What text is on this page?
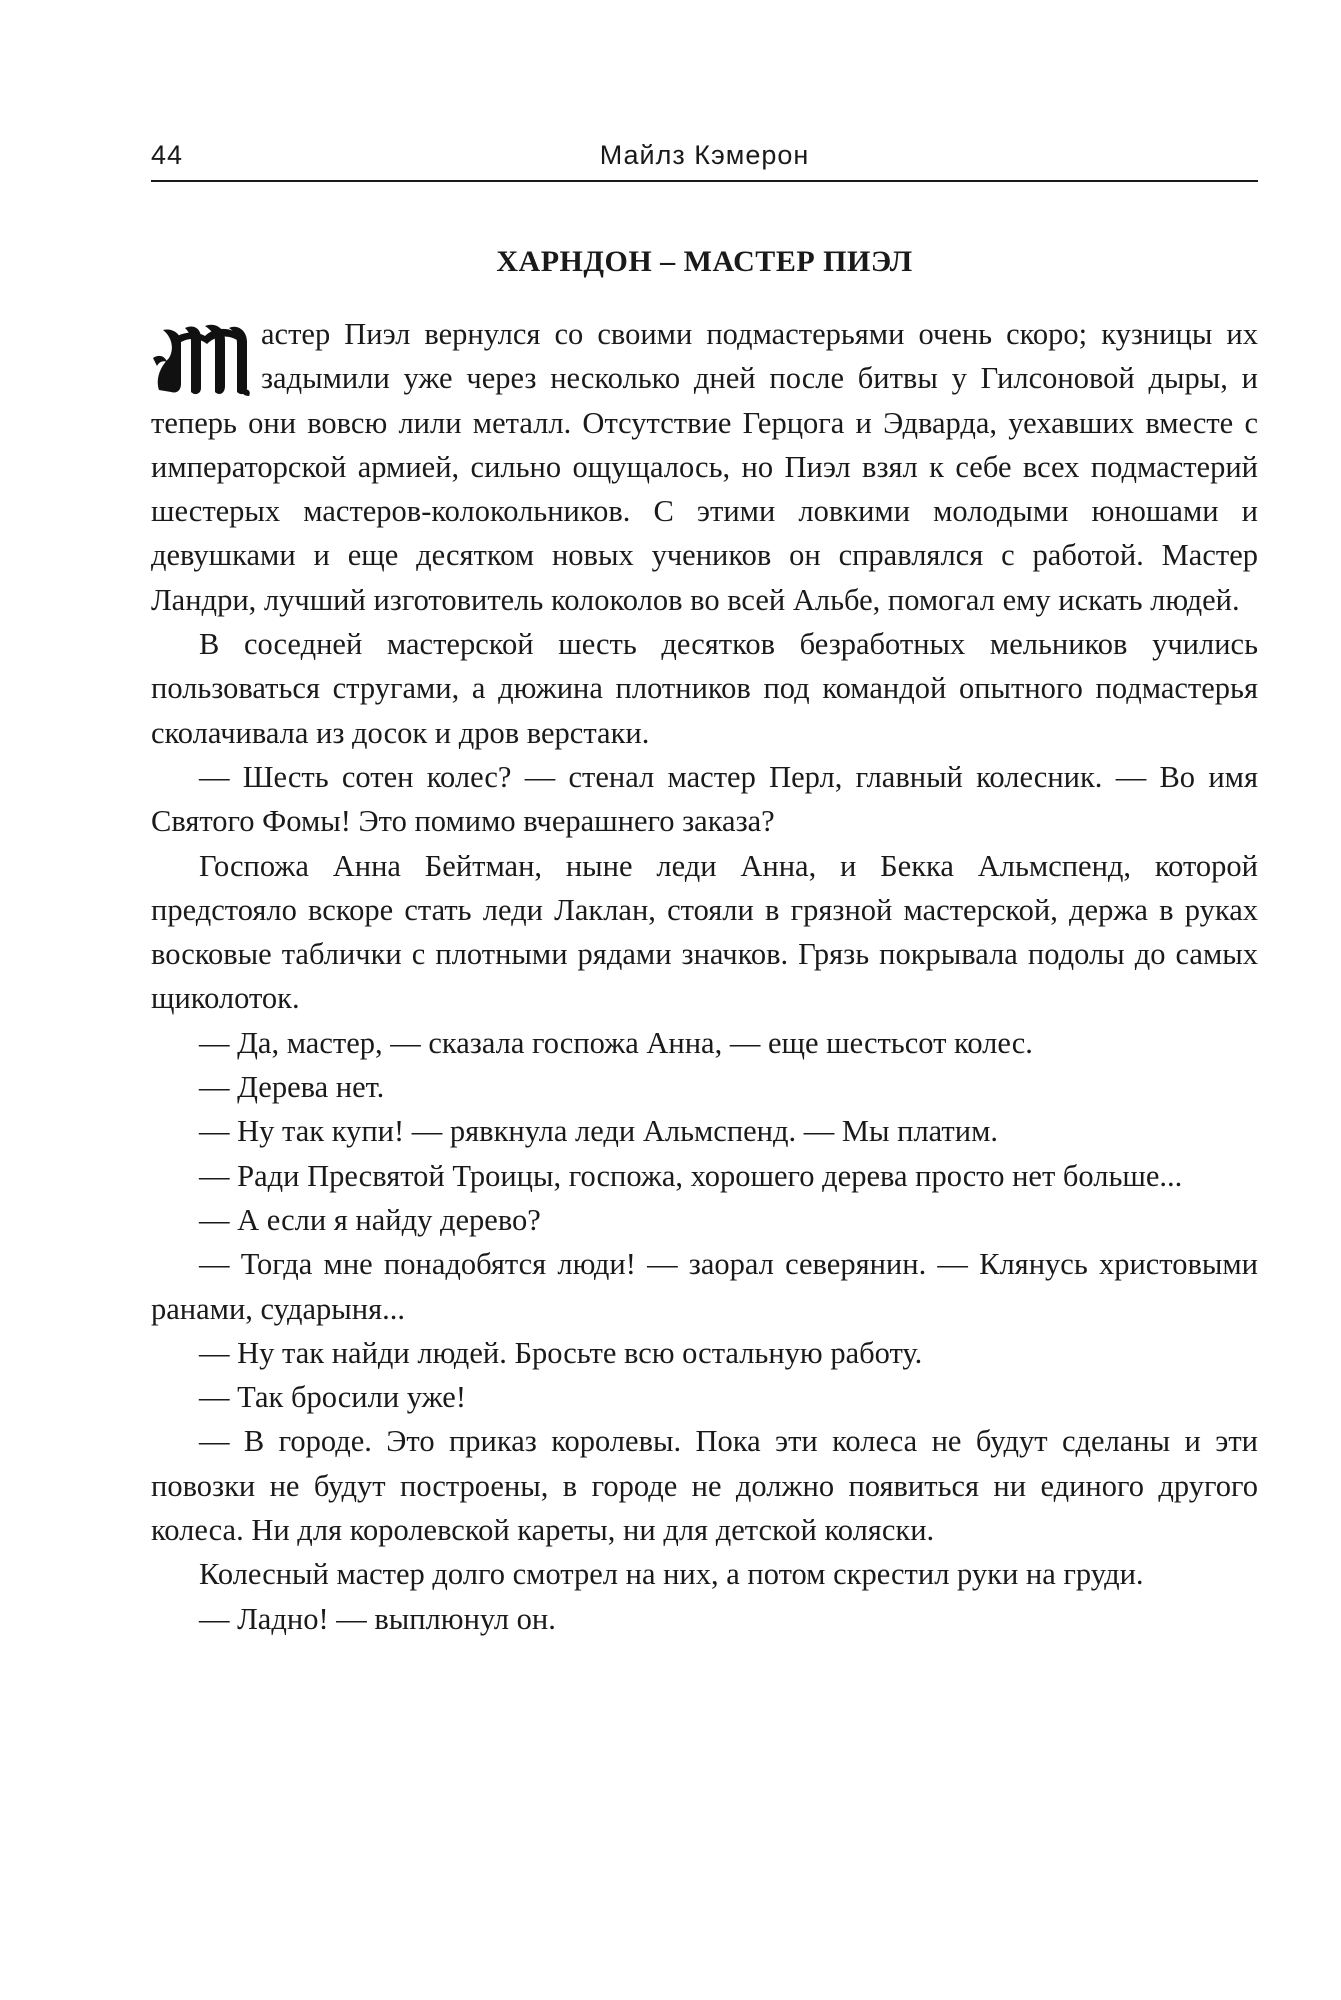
44	Майлз Кэмерон
ХАРНДОН – МАСТЕР ПИЭЛ

астер Пиэл вернулся со своими подмастерьями очень скоро; кузницы их задымили уже через несколько дней после битвы у Гилсоновой дыры, и теперь они вовсю лили металл. Отсутствие Герцога и Эдварда, уехавших вместе с императорской армией, сильно ощущалось, но Пиэл взял к себе всех подмастерий шестерых мастеров-колокольников. С этими ловкими молодыми юношами и девушками и еще десятком новых учеников он справлялся с работой. Мастер Ландри, лучший изготовитель колоколов во всей Альбе, помогал ему искать людей.

В соседней мастерской шесть десятков безработных мельников учились пользоваться стругами, а дюжина плотников под командой опытного подмастерья сколачивала из досок и дров верстаки.

— Шесть сотен колес? — стенал мастер Перл, главный колесник. — Во имя Святого Фомы! Это помимо вчерашнего заказа?

Госпожа Анна Бейтман, ныне леди Анна, и Бекка Альмспенд, которой предстояло вскоре стать леди Лаклан, стояли в грязной мастерской, держа в руках восковые таблички с плотными рядами значков. Грязь покрывала подолы до самых щиколоток.

— Да, мастер, — сказала госпожа Анна, — еще шестьсот колес.

— Дерева нет.

— Ну так купи! — рявкнула леди Альмспенд. — Мы платим.

— Ради Пресвятой Троицы, госпожа, хорошего дерева просто нет больше...

— А если я найду дерево?

— Тогда мне понадобятся люди! — заорал северянин. — Клянусь христовыми ранами, сударыня...

— Ну так найди людей. Бросьте всю остальную работу.

— Так бросили уже!

— В городе. Это приказ королевы. Пока эти колеса не будут сделаны и эти повозки не будут построены, в городе не должно появиться ни единого другого колеса. Ни для королевской кареты, ни для детской коляски.

Колесный мастер долго смотрел на них, а потом скрестил руки на груди.

— Ладно! — выплюнул он.
